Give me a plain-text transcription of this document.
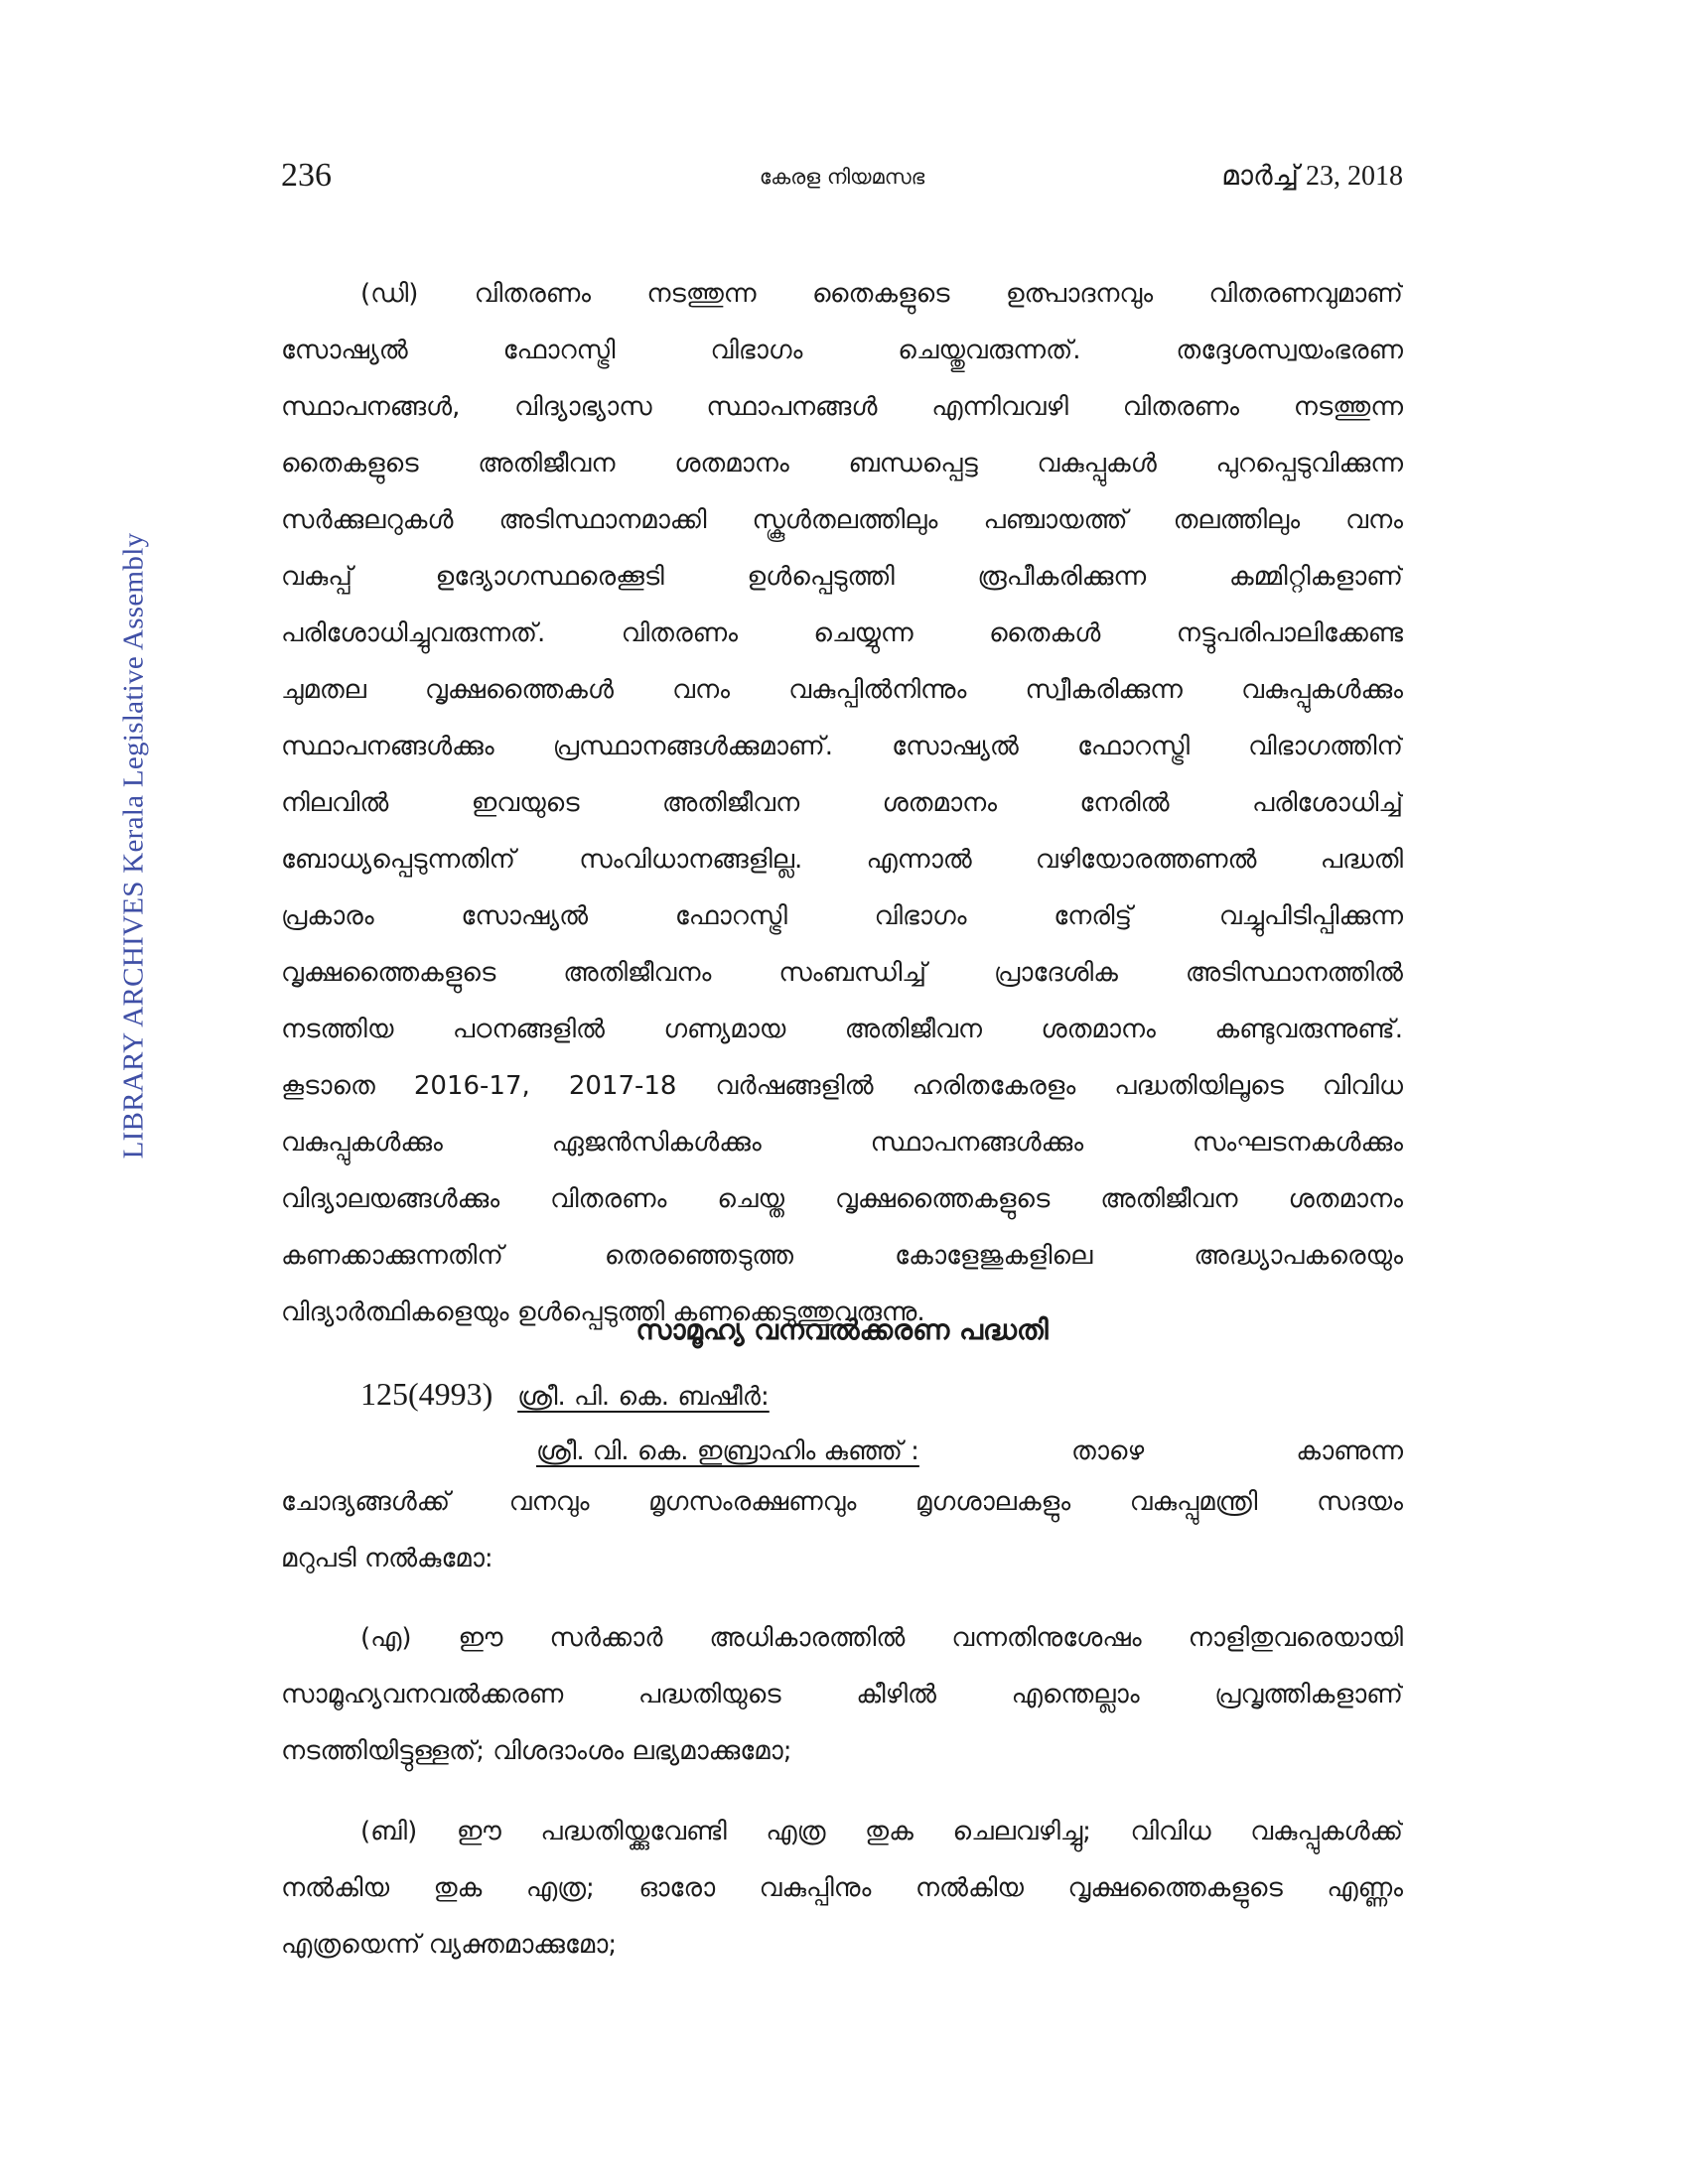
236	കേരള നിയമസഭ	മാര്‍ച്ച് 23, 2018
LIBRARY ARCHIVES Kerala Legislative Assembly
(ഡി) വിതരണം നടത്തുന്ന തൈകളുടെ ഉത്പാദനവും വിതരണവുമാണ്
സോഷ്യല്‍ ഫോറസ്ട്രി വിഭാഗം ചെയ്തുവരുന്നത്. തദ്ദേശസ്വയംഭരണ
സ്ഥാപനങ്ങള്‍, വിദ്യാഭ്യാസ സ്ഥാപനങ്ങള്‍ എന്നിവവഴി വിതരണം നടത്തുന്ന
തൈകളുടെ അതിജീവന ശതമാനം ബന്ധപ്പെട്ട വകുപ്പുകള്‍ പുറപ്പെടുവിക്കുന്ന
സര്‍ക്കുലറുകള്‍ അടിസ്ഥാനമാക്കി സ്കൂള്‍തലത്തിലും പഞ്ചായത്ത് തലത്തിലും വനം
വകുപ്പ് ഉദ്യോഗസ്ഥരെക്കൂടി ഉള്‍പ്പെടുത്തി രൂപീകരിക്കുന്ന കമ്മിറ്റികളാണ്
പരിശോധിച്ചുവരുന്നത്. വിതരണം ചെയ്യുന്ന തൈകള്‍ നട്ടുപരിപാലിക്കേണ്ട
ചുമതല വൃക്ഷത്തൈകള്‍ വനം വകുപ്പില്‍നിന്നും സ്വീകരിക്കുന്ന വകുപ്പുകള്‍ക്കും
സ്ഥാപനങ്ങള്‍ക്കും പ്രസ്ഥാനങ്ങള്‍ക്കുമാണ്. സോഷ്യല്‍ ഫോറസ്ട്രി വിഭാഗത്തിന്
നിലവില്‍ ഇവയുടെ അതിജീവന ശതമാനം നേരില്‍ പരിശോധിച്ച്
ബോധ്യപ്പെടുന്നതിന് സംവിധാനങ്ങളില്ല. എന്നാല്‍ വഴിയോരത്തണല്‍ പദ്ധതി
പ്രകാരം സോഷ്യല്‍ ഫോറസ്ട്രി വിഭാഗം നേരിട്ട് വച്ചുപിടിപ്പിക്കുന്ന
വൃക്ഷത്തൈകളുടെ അതിജീവനം സംബന്ധിച്ച് പ്രാദേശിക അടിസ്ഥാനത്തില്‍
നടത്തിയ പഠനങ്ങളില്‍ ഗണ്യമായ അതിജീവന ശതമാനം കണ്ടുവരുന്നുണ്ട്.
കൂടാതെ 2016-17, 2017-18 വര്‍ഷങ്ങളില്‍ ഹരിതകേരളം പദ്ധതിയിലൂടെ വിവിധ
വകുപ്പുകള്‍ക്കും ഏജന്‍സികള്‍ക്കും സ്ഥാപനങ്ങള്‍ക്കും സംഘടനകള്‍ക്കും
വിദ്യാലയങ്ങള്‍ക്കും വിതരണം ചെയ്ത വൃക്ഷത്തൈകളുടെ അതിജീവന ശതമാനം
കണക്കാക്കുന്നതിന് തെരഞ്ഞെടുത്ത കോളേജുകളിലെ അദ്ധ്യാപകരെയും
വിദ്യാര്‍ത്ഥികളെയും ഉള്‍പ്പെടുത്തി കണക്കെടുത്തുവരുന്നു.
സാമൂഹ്യ വനവല്‍ക്കരണ പദ്ധതി
125(4993) ശ്രീ. പി. കെ. ബഷീര്‍:
ശ്രീ. വി. കെ. ഇബ്രാഹിം കുഞ്ഞ് :	താഴെ കാണുന്ന
ചോദ്യങ്ങള്‍ക്ക് വനവും മൃഗസംരക്ഷണവും മൃഗശാലകളും വകുപ്പുമന്ത്രി സദയം
മറുപടി നല്‍കുമോ:
(എ) ഈ സര്‍ക്കാര്‍ അധികാരത്തില്‍ വന്നതിനുശേഷം നാളിതുവരെയായി
സാമൂഹ്യവനവല്‍ക്കരണ പദ്ധതിയുടെ കീഴില്‍ എന്തെല്ലാം പ്രവൃത്തികളാണ്
നടത്തിയിട്ടുള്ളത്; വിശദാംശം ലഭ്യമാക്കുമോ;
(ബി) ഈ പദ്ധതിയ്ക്കുവേണ്ടി എത്ര തുക ചെലവഴിച്ചു; വിവിധ വകുപ്പുകള്‍ക്ക്
നല്‍കിയ തുക എത്ര; ഓരോ വകുപ്പിനും നല്‍കിയ വൃക്ഷത്തൈകളുടെ എണ്ണം
എത്രയെന്ന് വ്യക്തമാക്കുമോ;
